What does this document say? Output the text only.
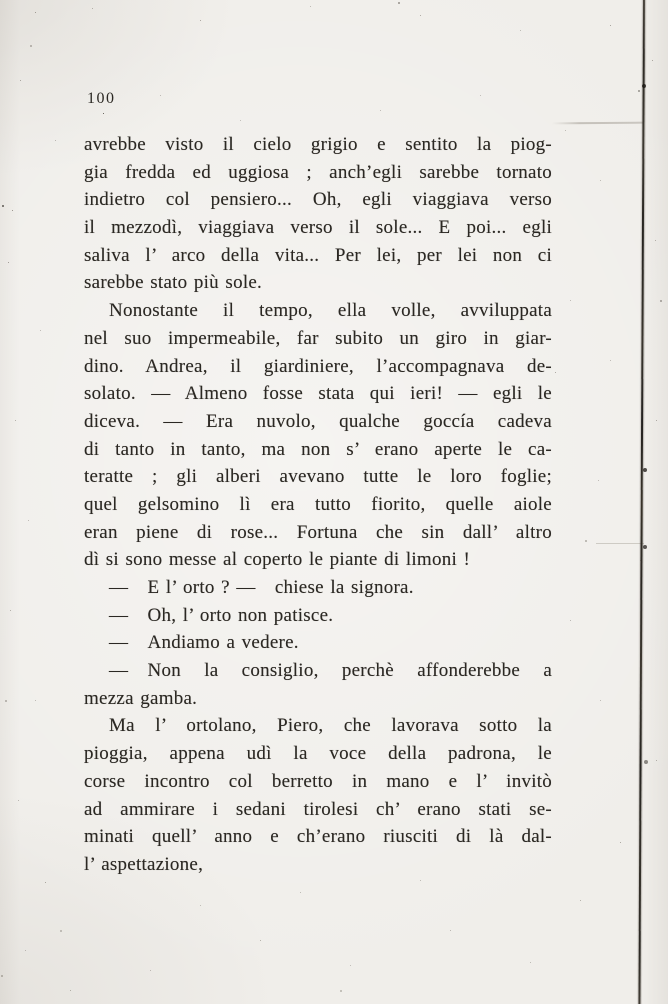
100
avrebbe visto il cielo grigio e sentito la piog-
gia fredda ed uggiosa ; anch’egli sarebbe tornato
indietro col pensiero... Oh, egli viaggiava verso
il mezzodì, viaggiava verso il sole... E poi... egli
saliva l’ arco della vita... Per lei, per lei non ci
sarebbe stato più sole.
Nonostante il tempo, ella volle, avviluppata
nel suo impermeabile, far subito un giro in giar-
dino. Andrea, il giardiniere, l’accompagnava de-
solato. — Almeno fosse stata qui ieri! — egli le
diceva. — Era nuvolo, qualche goccía cadeva
di tanto in tanto, ma non s’ erano aperte le ca-
teratte ; gli alberi avevano tutte le loro foglie;
quel gelsomino lì era tutto fiorito, quelle aiole
eran piene di rose... Fortuna che sin dall’ altro
dì si sono messe al coperto le piante di limoni !
— E l’ orto ? — chiese la signora.
— Oh, l’ orto non patisce.
— Andiamo a vedere.
— Non la consiglio, perchè affonderebbe a
mezza gamba.
Ma l’ ortolano, Piero, che lavorava sotto la
pioggia, appena udì la voce della padrona, le
corse incontro col berretto in mano e l’ invitò
ad ammirare i sedani tirolesi ch’ erano stati se-
minati quell’ anno e ch’erano riusciti di là dal-
l’ aspettazione,
